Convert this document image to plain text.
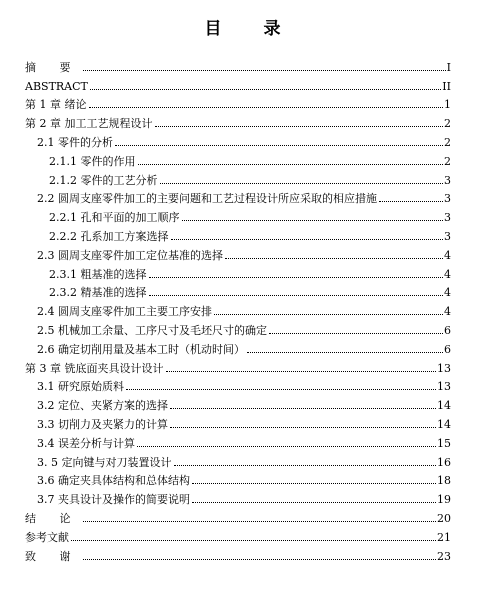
目 录
摘 要	I
ABSTRACT	II
第 1 章 绪论	1
第 2 章 加工工艺规程设计	2
2.1 零件的分析	2
2.1.1 零件的作用	2
2.1.2 零件的工艺分析	3
2.2 圆周支座零件加工的主要问题和工艺过程设计所应采取的相应措施	3
2.2.1 孔和平面的加工顺序	3
2.2.2 孔系加工方案选择	3
2.3 圆周支座零件加工定位基准的选择	4
2.3.1 粗基准的选择	4
2.3.2 精基准的选择	4
2.4 圆周支座零件加工主要工序安排	4
2.5 机械加工余量、工序尺寸及毛坯尺寸的确定	6
2.6 确定切削用量及基本工时（机动时间）	6
第 3 章 铣底面夹具设计设计	13
3.1 研究原始质料	13
3.2 定位、夹紧方案的选择	14
3.3 切削力及夹紧力的计算	14
3.4 误差分析与计算	15
3. 5 定向键与对刀装置设计	16
3.6 确定夹具体结构和总体结构	18
3.7 夹具设计及操作的简要说明	19
结 论	20
参考文献	21
致 谢	23
